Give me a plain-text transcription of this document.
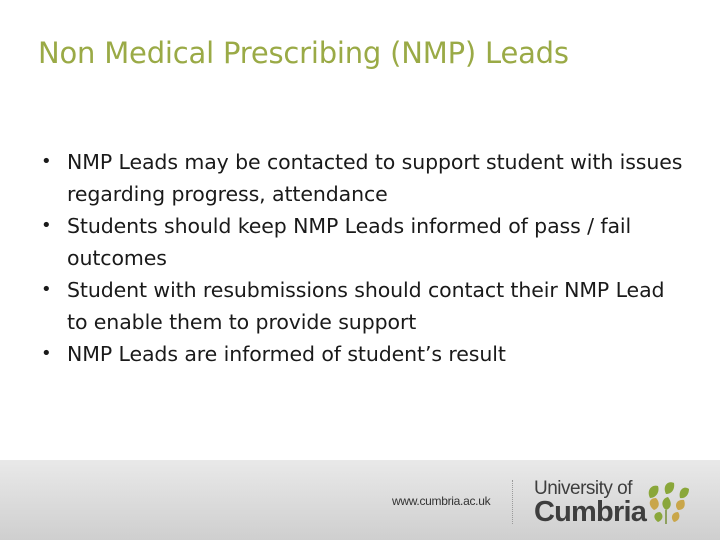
Non Medical Prescribing (NMP) Leads
• NMP Leads may be contacted to support student with issues regarding progress, attendance
• Students should keep NMP Leads informed of pass / fail outcomes
• Student with resubmissions should contact their NMP Lead to enable them to provide support
• NMP Leads are informed of student’s result
www.cumbria.ac.uk
University of
Cumbria
